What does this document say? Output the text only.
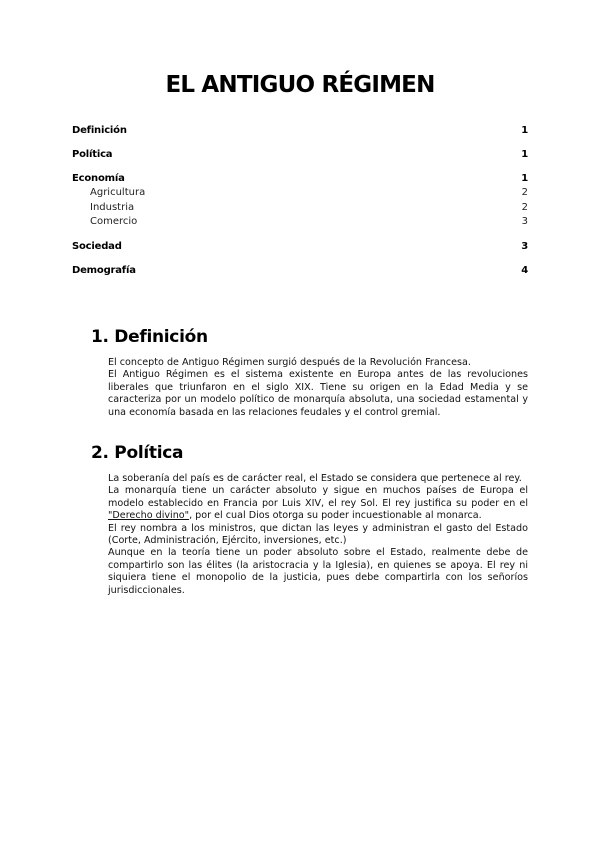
EL ANTIGUO RÉGIMEN
Definición	1
Política	1
Economía	1
Agricultura	2
Industria	2
Comercio	3
Sociedad	3
Demografía	4
1. Definición

El concepto de Antiguo Régimen surgió después de la Revolución Francesa.

El Antiguo Régimen es el sistema existente en Europa antes de las revoluciones liberales que triunfaron en el siglo XIX. Tiene su origen en la Edad Media y se caracteriza por un modelo político de monarquía absoluta, una sociedad estamental y una economía basada en las relaciones feudales y el control gremial.

2. Política

La soberanía del país es de carácter real, el Estado se considera que pertenece al rey.

La monarquía tiene un carácter absoluto y sigue en muchos países de Europa el modelo establecido en Francia por Luis XIV, el rey Sol. El rey justifica su poder en el "Derecho divino", por el cual Dios otorga su poder incuestionable al monarca.

El rey nombra a los ministros, que dictan las leyes y administran el gasto del Estado (Corte, Administración, Ejército, inversiones, etc.)

Aunque en la teoría tiene un poder absoluto sobre el Estado, realmente debe de compartirlo son las élites (la aristocracia y la Iglesia), en quienes se apoya. El rey ni siquiera tiene el monopolio de la justicia, pues debe compartirla con los señoríos jurisdiccionales.
